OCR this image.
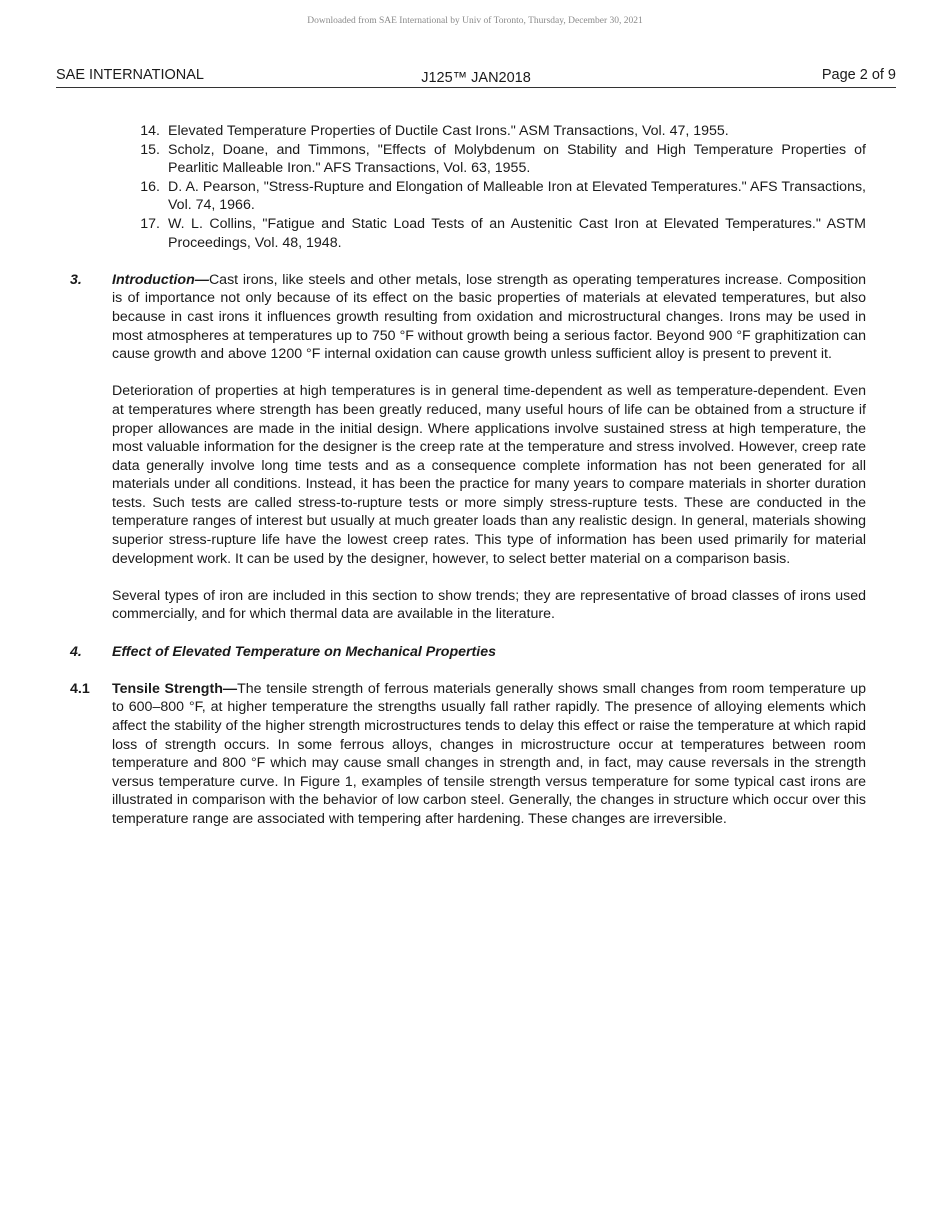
Downloaded from SAE International by Univ of Toronto, Thursday, December 30, 2021
SAE INTERNATIONAL	J125™ JAN2018	Page 2 of 9
14. Elevated Temperature Properties of Ductile Cast Irons." ASM Transactions, Vol. 47, 1955.
15. Scholz, Doane, and Timmons, "Effects of Molybdenum on Stability and High Temperature Properties of Pearlitic Malleable Iron." AFS Transactions, Vol. 63, 1955.
16. D. A. Pearson, "Stress-Rupture and Elongation of Malleable Iron at Elevated Temperatures." AFS Transactions, Vol. 74, 1966.
17. W. L. Collins, "Fatigue and Static Load Tests of an Austenitic Cast Iron at Elevated Temperatures." ASTM Proceedings, Vol. 48, 1948.
3. Introduction—Cast irons, like steels and other metals, lose strength as operating temperatures increase. Composition is of importance not only because of its effect on the basic properties of materials at elevated temperatures, but also because in cast irons it influences growth resulting from oxidation and microstructural changes. Irons may be used in most atmospheres at temperatures up to 750 °F without growth being a serious factor. Beyond 900 °F graphitization can cause growth and above 1200 °F internal oxidation can cause growth unless sufficient alloy is present to prevent it.

Deterioration of properties at high temperatures is in general time-dependent as well as temperature-dependent. Even at temperatures where strength has been greatly reduced, many useful hours of life can be obtained from a structure if proper allowances are made in the initial design. Where applications involve sustained stress at high temperature, the most valuable information for the designer is the creep rate at the temperature and stress involved. However, creep rate data generally involve long time tests and as a consequence complete information has not been generated for all materials under all conditions. Instead, it has been the practice for many years to compare materials in shorter duration tests. Such tests are called stress-to-rupture tests or more simply stress-rupture tests. These are conducted in the temperature ranges of interest but usually at much greater loads than any realistic design. In general, materials showing superior stress-rupture life have the lowest creep rates. This type of information has been used primarily for material development work. It can be used by the designer, however, to select better material on a comparison basis.

Several types of iron are included in this section to show trends; they are representative of broad classes of irons used commercially, and for which thermal data are available in the literature.

4. Effect of Elevated Temperature on Mechanical Properties

4.1 Tensile Strength—The tensile strength of ferrous materials generally shows small changes from room temperature up to 600–800 °F, at higher temperature the strengths usually fall rather rapidly. The presence of alloying elements which affect the stability of the higher strength microstructures tends to delay this effect or raise the temperature at which rapid loss of strength occurs. In some ferrous alloys, changes in microstructure occur at temperatures between room temperature and 800 °F which may cause small changes in strength and, in fact, may cause reversals in the strength versus temperature curve. In Figure 1, examples of tensile strength versus temperature for some typical cast irons are illustrated in comparison with the behavior of low carbon steel. Generally, the changes in structure which occur over this temperature range are associated with tempering after hardening. These changes are irreversible.
